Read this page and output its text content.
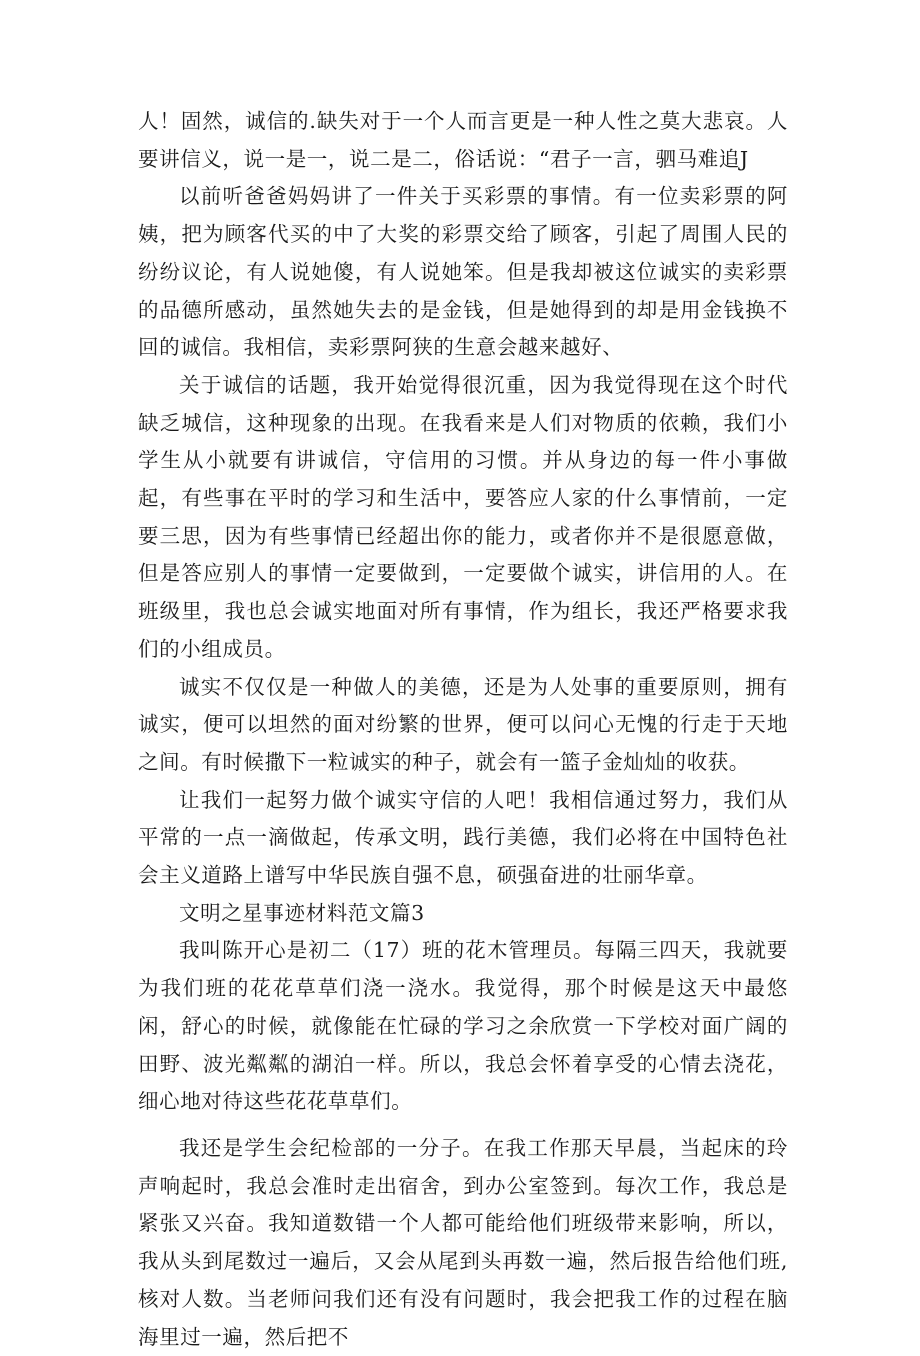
人！固然，诚信的.缺失对于一个人而言更是一种人性之莫大悲哀。人要讲信义，说一是一，说二是二，俗话说：“君子一言，驷马难追J

以前听爸爸妈妈讲了一件关于买彩票的事情。有一位卖彩票的阿姨，把为顾客代买的中了大奖的彩票交给了顾客，引起了周围人民的纷纷议论，有人说她傻，有人说她笨。但是我却被这位诚实的卖彩票的品德所感动，虽然她失去的是金钱，但是她得到的却是用金钱换不回的诚信。我相信，卖彩票阿狭的生意会越来越好、

关于诚信的话题，我开始觉得很沉重，因为我觉得现在这个时代缺乏城信，这种现象的出现。在我看来是人们对物质的依赖，我们小学生从小就要有讲诚信，守信用的习惯。并从身边的每一件小事做起，有些事在平时的学习和生活中，要答应人家的什么事情前，一定要三思，因为有些事情已经超出你的能力，或者你并不是很愿意做，但是答应别人的事情一定要做到，一定要做个诚实，讲信用的人。在班级里，我也总会诚实地面对所有事情，作为组长，我还严格要求我们的小组成员。

诚实不仅仅是一种做人的美德，还是为人处事的重要原则，拥有诚实，便可以坦然的面对纷繁的世界，便可以问心无愧的行走于天地之间。有时候撒下一粒诚实的种子，就会有一篮子金灿灿的收获。

让我们一起努力做个诚实守信的人吧！我相信通过努力，我们从平常的一点一滴做起，传承文明，践行美德，我们必将在中国特色社会主义道路上谱写中华民族自强不息，硕强奋进的壮丽华章。

文明之星事迹材料范文篇3

我叫陈开心是初二（17）班的花木管理员。每隔三四天，我就要为我们班的花花草草们浇一浇水。我觉得，那个时候是这天中最悠闲，舒心的时候，就像能在忙碌的学习之余欣赏一下学校对面广阔的田野、波光粼粼的湖泊一样。所以，我总会怀着享受的心情去浇花，细心地对待这些花花草草们。

我还是学生会纪检部的一分子。在我工作那天早晨，当起床的玲声响起时，我总会准时走出宿舍，到办公室签到。每次工作，我总是紧张又兴奋。我知道数错一个人都可能给他们班级带来影响，所以，我从头到尾数过一遍后，又会从尾到头再数一遍，然后报告给他们班,核对人数。当老师问我们还有没有问题时，我会把我工作的过程在脑海里过一遍，然后把不
